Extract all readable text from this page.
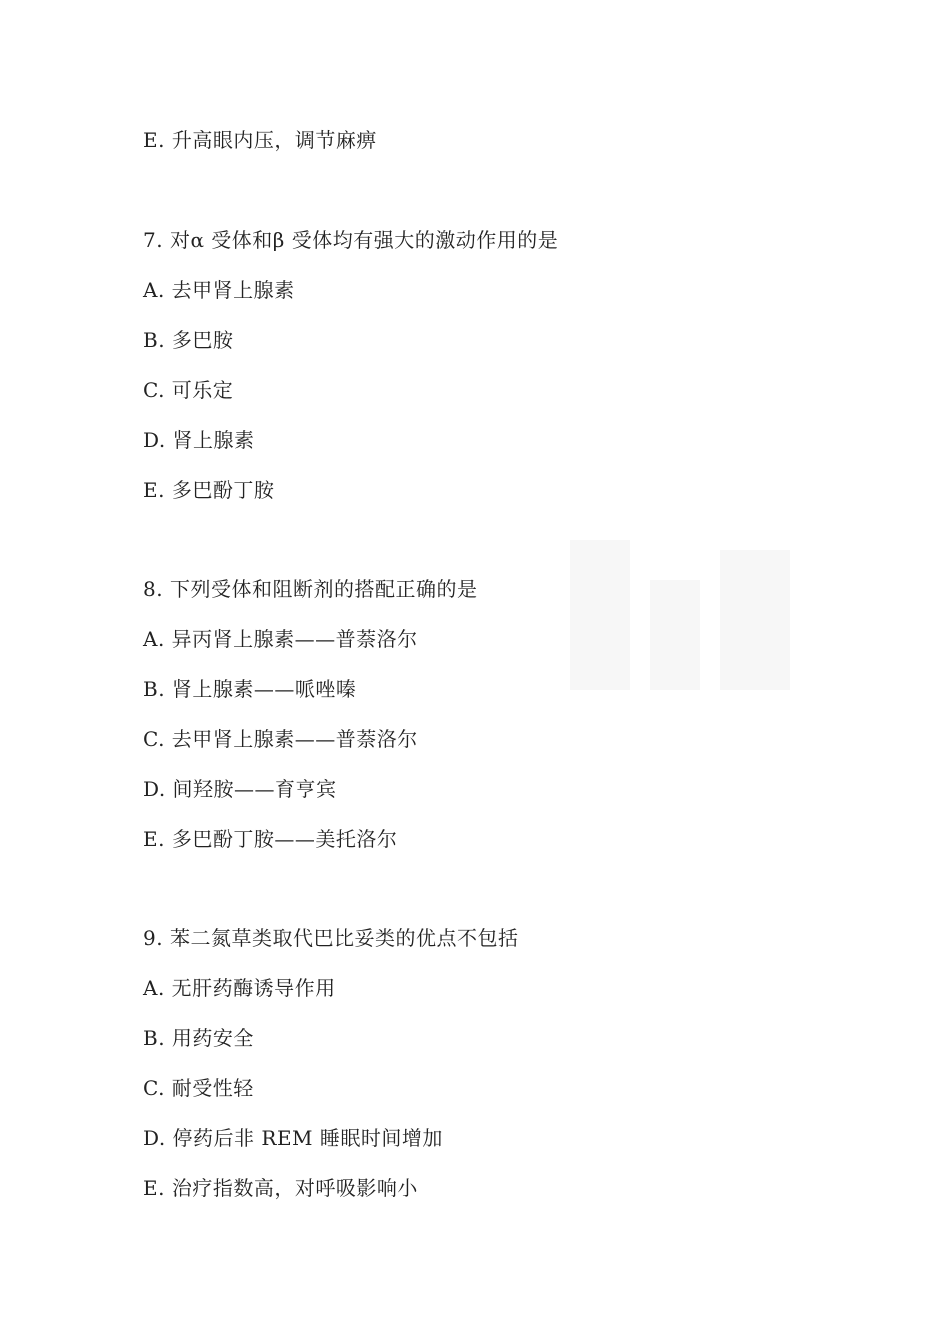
E. 升高眼内压，调节麻痹
7. 对α 受体和β 受体均有强大的激动作用的是
A. 去甲肾上腺素
B. 多巴胺
C. 可乐定
D. 肾上腺素
E. 多巴酚丁胺
8. 下列受体和阻断剂的搭配正确的是
A. 异丙肾上腺素——普萘洛尔
B. 肾上腺素——哌唑嗪
C. 去甲肾上腺素——普萘洛尔
D. 间羟胺——育亨宾
E. 多巴酚丁胺——美托洛尔
9. 苯二氮草类取代巴比妥类的优点不包括
A. 无肝药酶诱导作用
B. 用药安全
C. 耐受性轻
D. 停药后非 REM 睡眠时间增加
E. 治疗指数高，对呼吸影响小
